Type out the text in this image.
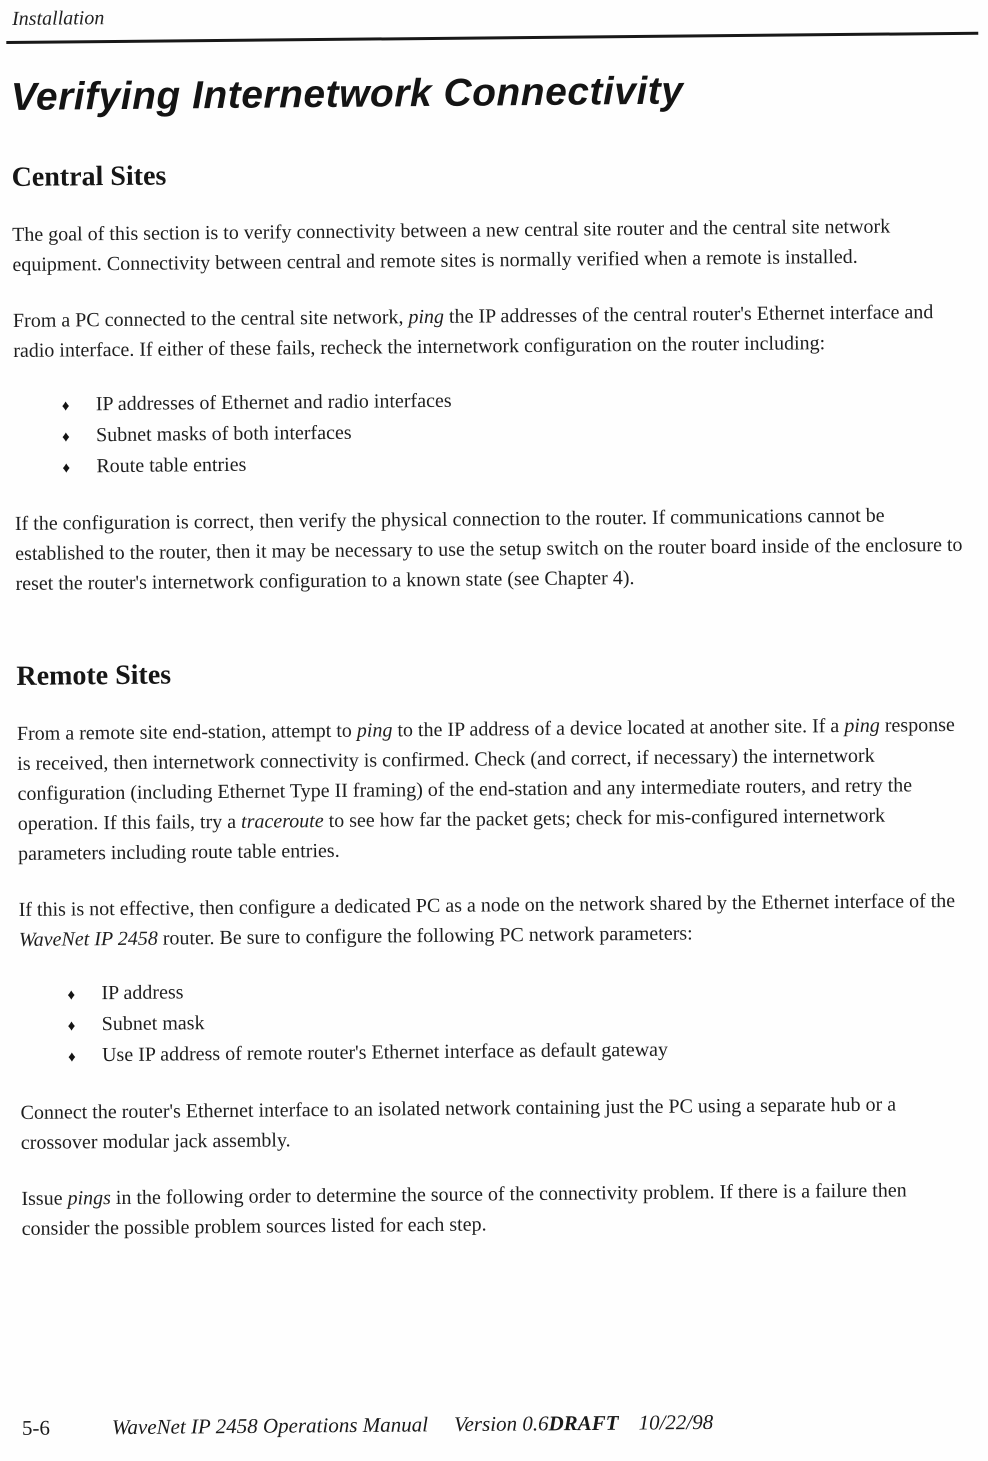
Installation
Verifying Internetwork Connectivity
Central Sites

The goal of this section is to verify connectivity between a new central site router and the central site network equipment. Connectivity between central and remote sites is normally verified when a remote is installed.

From a PC connected to the central site network, ping the IP addresses of the central router's Ethernet interface and radio interface. If either of these fails, recheck the internetwork configuration on the router including:

♦	IP addresses of Ethernet and radio interfaces
♦	Subnet masks of both interfaces
♦	Route table entries

If the configuration is correct, then verify the physical connection to the router. If communications cannot be established to the router, then it may be necessary to use the setup switch on the router board inside of the enclosure to reset the router's internetwork configuration to a known state (see Chapter 4).

Remote Sites

From a remote site end-station, attempt to ping to the IP address of a device located at another site. If a ping response is received, then internetwork connectivity is confirmed. Check (and correct, if necessary) the internetwork configuration (including Ethernet Type II framing) of the end-station and any intermediate routers, and retry the operation. If this fails, try a traceroute to see how far the packet gets; check for mis-configured internetwork parameters including route table entries.

If this is not effective, then configure a dedicated PC as a node on the network shared by the Ethernet interface of the WaveNet IP 2458 router. Be sure to configure the following PC network parameters:

♦	IP address
♦	Subnet mask
♦	Use IP address of remote router's Ethernet interface as default gateway

Connect the router's Ethernet interface to an isolated network containing just the PC using a separate hub or a crossover modular jack assembly.

Issue pings in the following order to determine the source of the connectivity problem. If there is a failure then consider the possible problem sources listed for each step.

5-6	WaveNet IP 2458 Operations Manual Version 0.6 DRAFT 10/22/98
